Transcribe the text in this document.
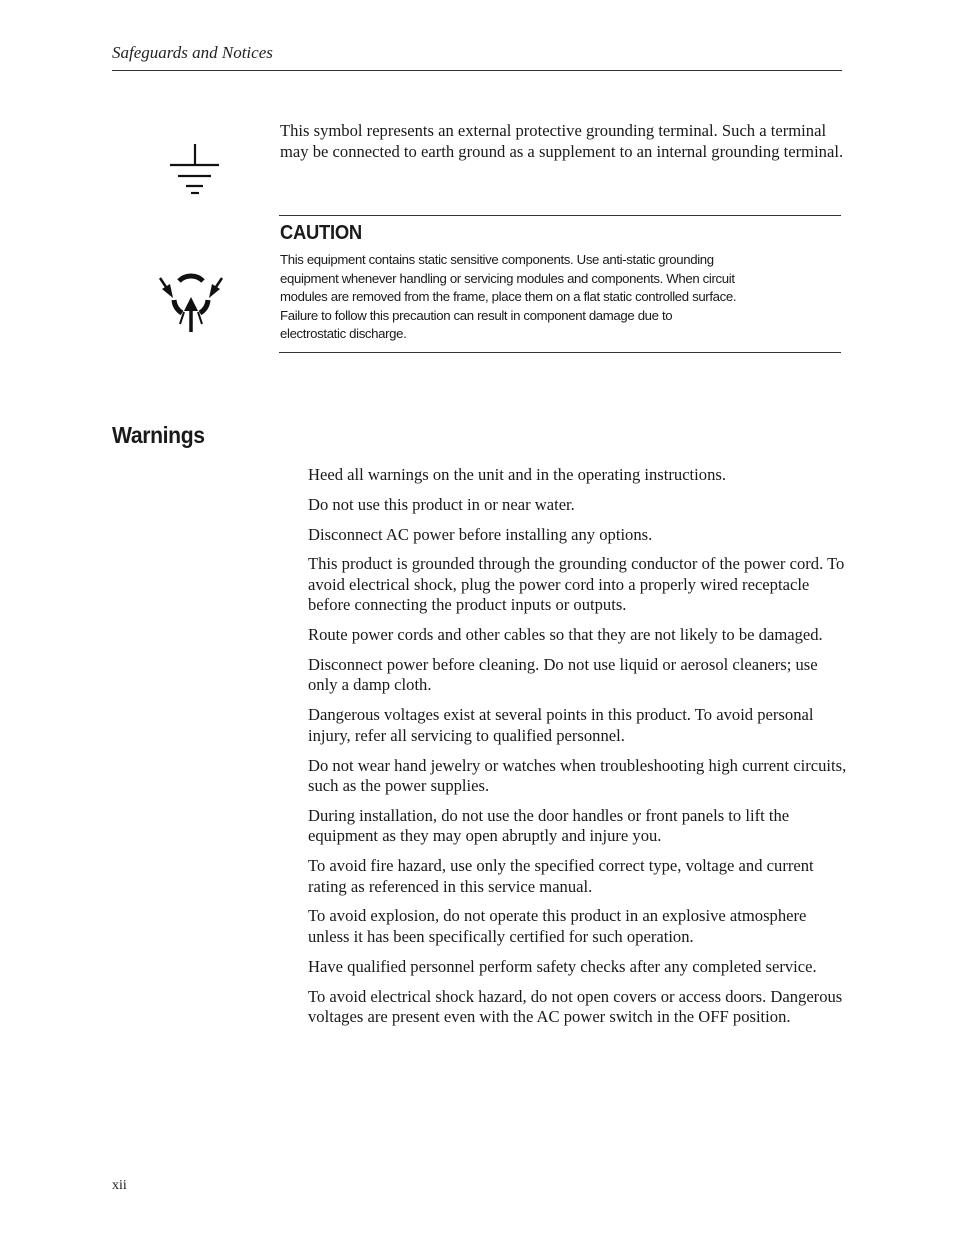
Safeguards and Notices
This symbol represents an external protective grounding terminal. Such a terminal may be connected to earth ground as a supplement to an internal grounding terminal.
CAUTION
This equipment contains static sensitive components. Use anti-static grounding
equipment whenever handling or servicing modules and components. When circuit
modules are removed from the frame, place them on a flat static controlled surface.
Failure to follow this precaution can result in component damage due to
electrostatic discharge.
Warnings
Heed all warnings on the unit and in the operating instructions.
Do not use this product in or near water.
Disconnect AC power before installing any options.
This product is grounded through the grounding conductor of the power cord. To avoid electrical shock, plug the power cord into a properly wired receptacle before connecting the product inputs or outputs.
Route power cords and other cables so that they are not likely to be damaged.
Disconnect power before cleaning. Do not use liquid or aerosol cleaners; use only a damp cloth.
Dangerous voltages exist at several points in this product. To avoid personal injury, refer all servicing to qualified personnel.
Do not wear hand jewelry or watches when troubleshooting high current circuits, such as the power supplies.
During installation, do not use the door handles or front panels to lift the equipment as they may open abruptly and injure you.
To avoid fire hazard, use only the specified correct type, voltage and current rating as referenced in this service manual.
To avoid explosion, do not operate this product in an explosive atmosphere unless it has been specifically certified for such operation.
Have qualified personnel perform safety checks after any completed service.
To avoid electrical shock hazard, do not open covers or access doors. Dangerous voltages are present even with the AC power switch in the OFF position.
xii
